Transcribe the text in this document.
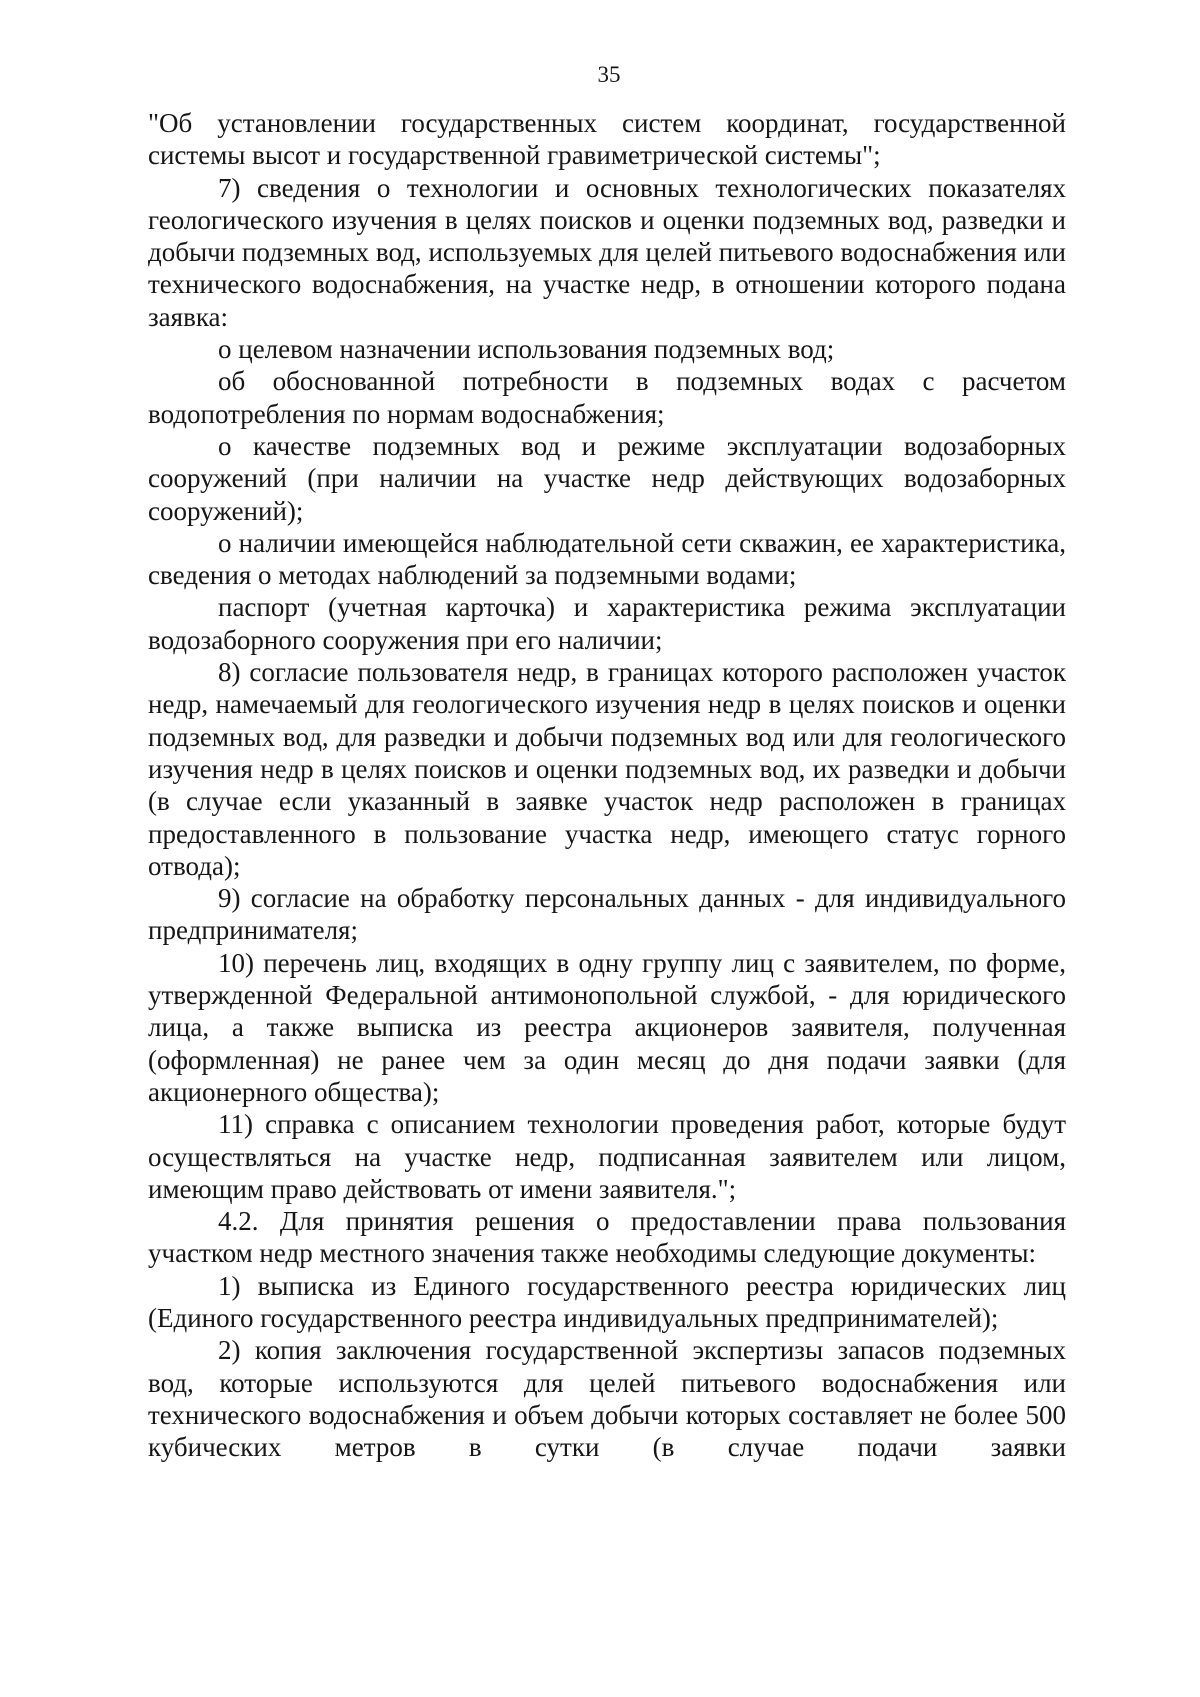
35

"Об установлении государственных систем координат, государственной системы высот и государственной гравиметрической системы";

7) сведения о технологии и основных технологических показателях геологического изучения в целях поисков и оценки подземных вод, разведки и добычи подземных вод, используемых для целей питьевого водоснабжения или технического водоснабжения, на участке недр, в отношении которого подана заявка:

о целевом назначении использования подземных вод;

об обоснованной потребности в подземных водах с расчетом водопотребления по нормам водоснабжения;

о качестве подземных вод и режиме эксплуатации водозаборных сооружений (при наличии на участке недр действующих водозаборных сооружений);

о наличии имеющейся наблюдательной сети скважин, ее характеристика, сведения о методах наблюдений за подземными водами;

паспорт (учетная карточка) и характеристика режима эксплуатации водозаборного сооружения при его наличии;

8) согласие пользователя недр, в границах которого расположен участок недр, намечаемый для геологического изучения недр в целях поисков и оценки подземных вод, для разведки и добычи подземных вод или для геологического изучения недр в целях поисков и оценки подземных вод, их разведки и добычи (в случае если указанный в заявке участок недр расположен в границах предоставленного в пользование участка недр, имеющего статус горного отвода);

9) согласие на обработку персональных данных - для индивидуального предпринимателя;

10) перечень лиц, входящих в одну группу лиц с заявителем, по форме, утвержденной Федеральной антимонопольной службой, - для юридического лица, а также выписка из реестра акционеров заявителя, полученная (оформленная) не ранее чем за один месяц до дня подачи заявки (для акционерного общества);

11) справка с описанием технологии проведения работ, которые будут осуществляться на участке недр, подписанная заявителем или лицом, имеющим право действовать от имени заявителя.";

4.2. Для принятия решения о предоставлении права пользования участком недр местного значения также необходимы следующие документы:

1) выписка из Единого государственного реестра юридических лиц (Единого государственного реестра индивидуальных предпринимателей);

2) копия заключения государственной экспертизы запасов подземных вод, которые используются для целей питьевого водоснабжения или технического водоснабжения и объем добычи которых составляет не более 500 кубических метров в сутки (в случае подачи заявки
